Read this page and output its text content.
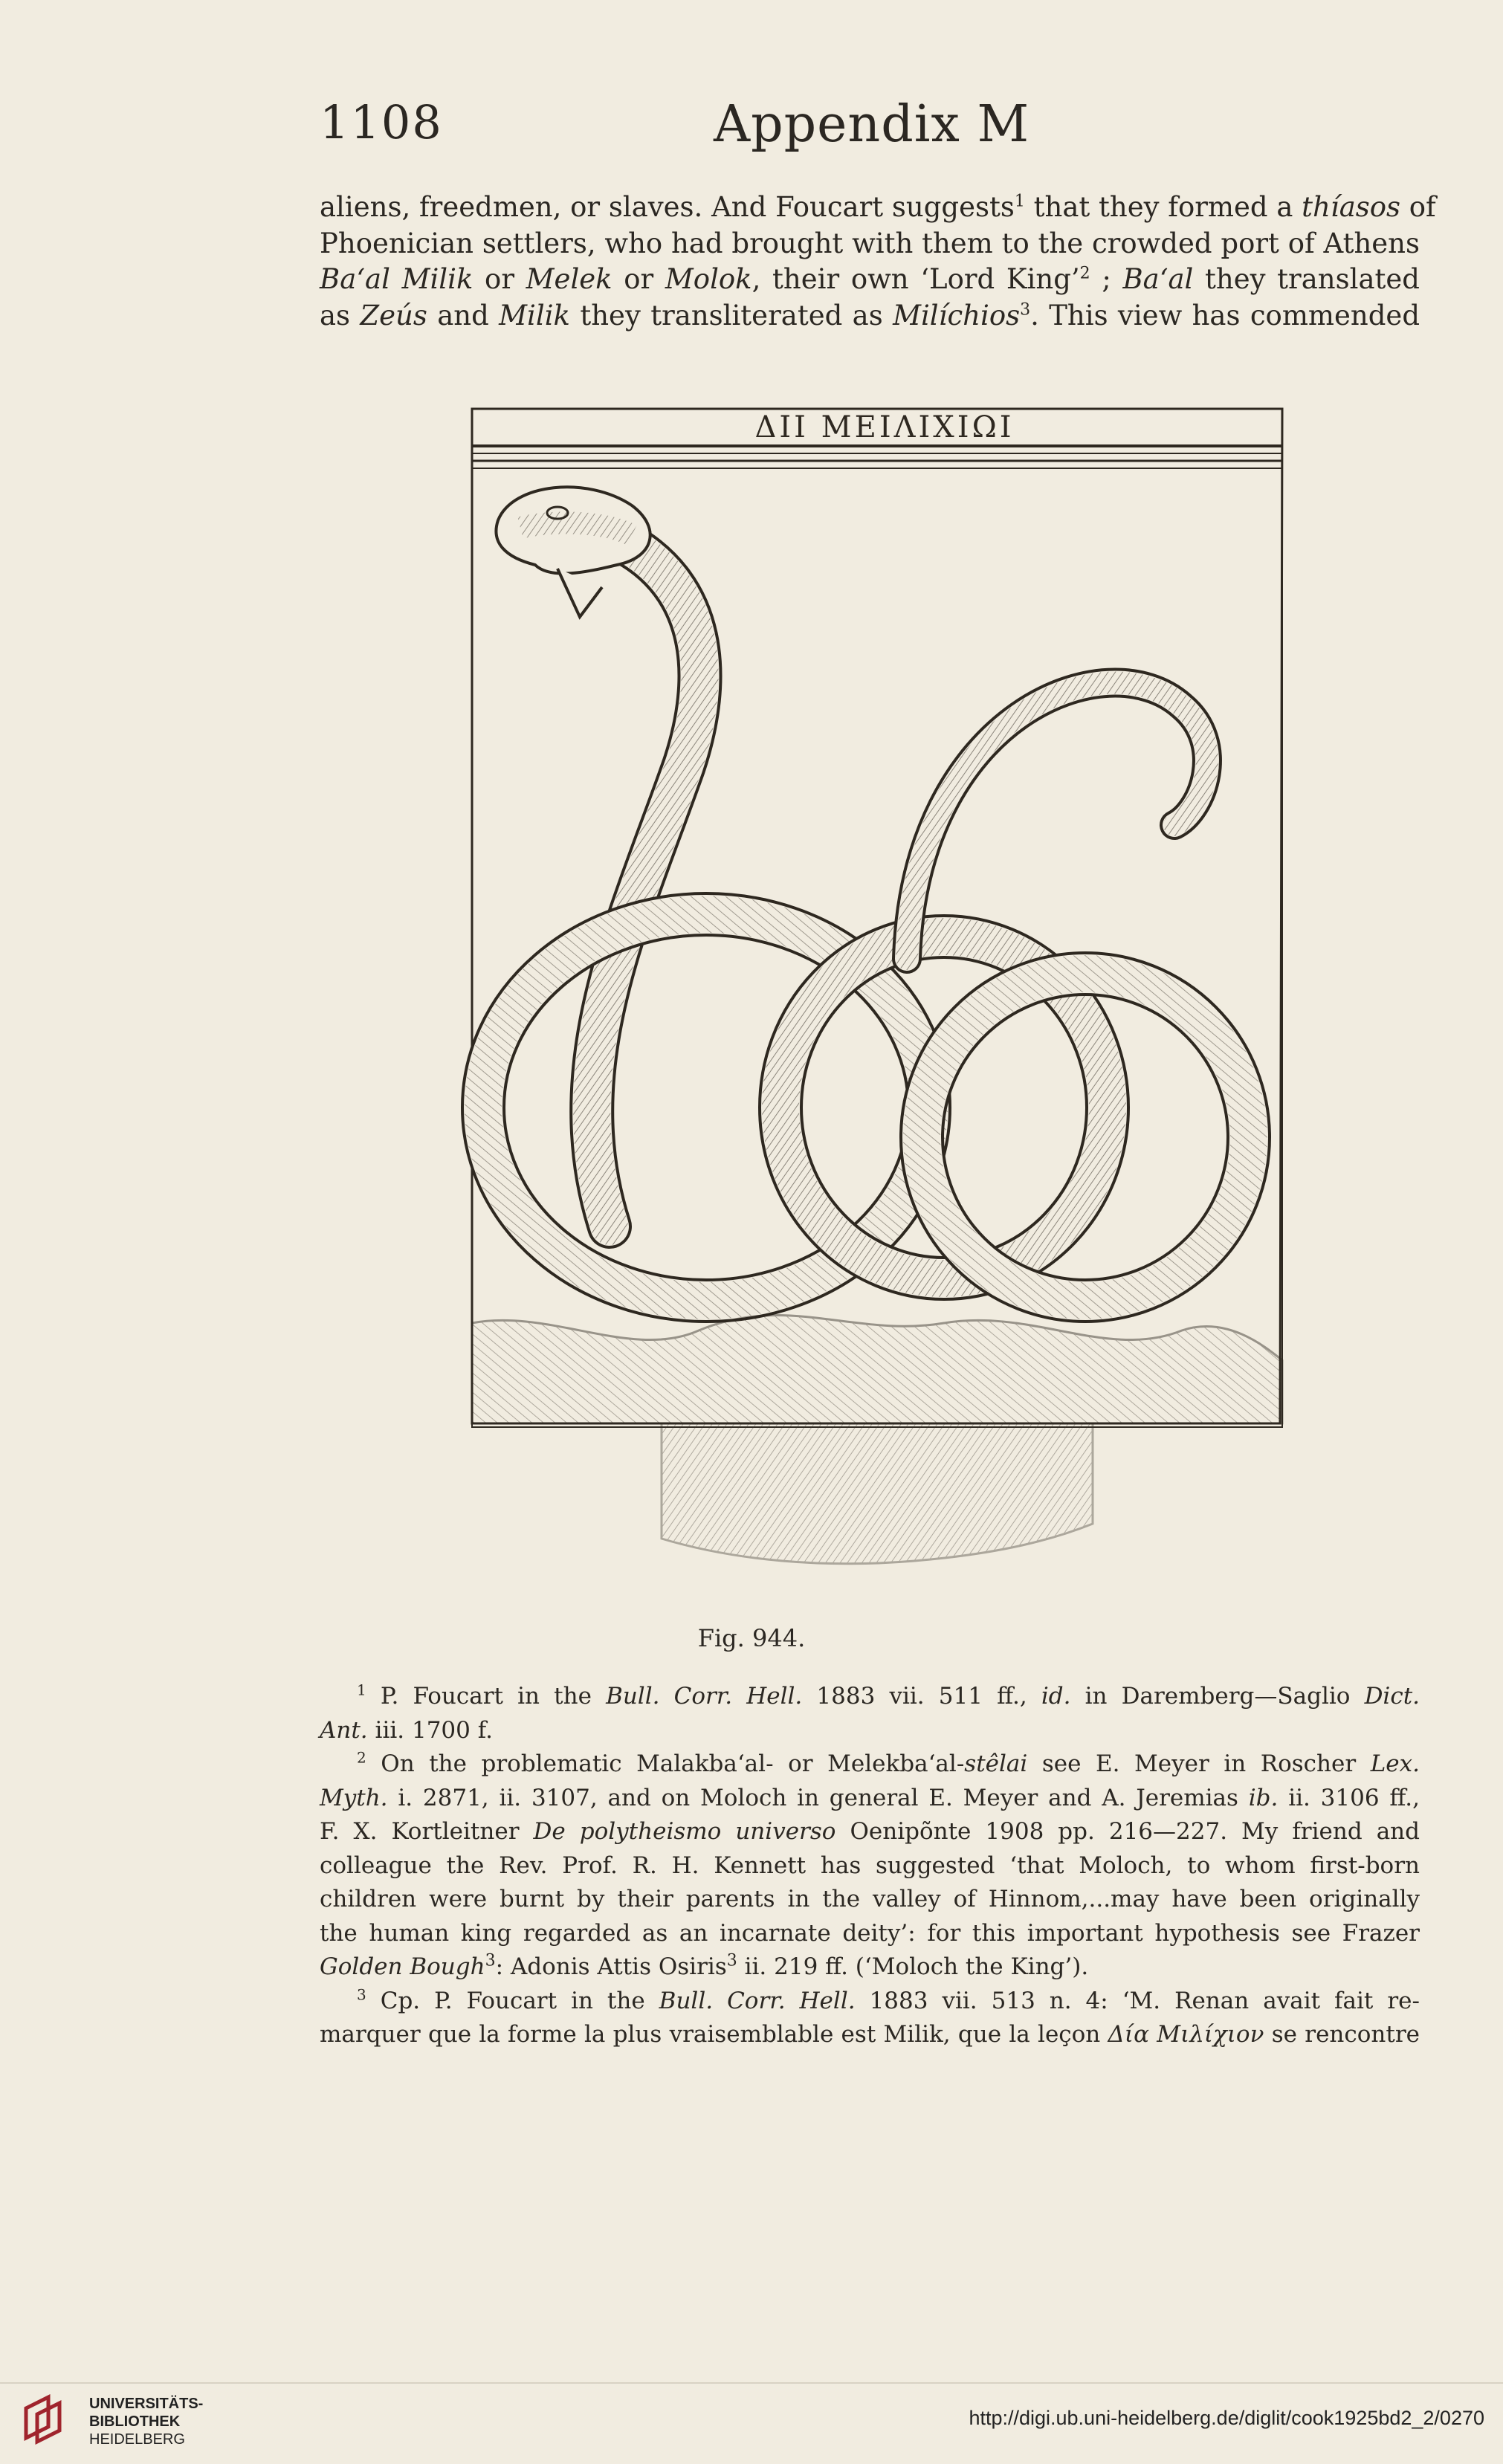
1108	Appendix M
aliens, freedmen, or slaves. And Foucart suggests$^1$ that they formed a thíasos of
Phoenician settlers, who had brought with them to the crowded port of Athens
Ba‘al Milik or Melek or Molok, their own ‘Lord King’$^2$ ; Ba‘al they translated
as Zeús and Milik they transliterated as Milíchios$^3$. This view has commended
ΔΙΙ ΜΕΙΛΙΧΙΩΙ
Fig. 944.
$^1$ P. Foucart in the Bull. Corr. Hell. 1883 vii. 511 ff., id. in Daremberg—Saglio Dict.
Ant. iii. 1700 f.
$^2$ On the problematic Malakba‘al- or Melekba‘al-stêlai see E. Meyer in Roscher Lex.
Myth. i. 2871, ii. 3107, and on Moloch in general E. Meyer and A. Jeremias ib. ii. 3106 ff.,
F. X. Kortleitner De polytheismo universo Oenipõnte 1908 pp. 216—227. My friend and
colleague the Rev. Prof. R. H. Kennett has suggested ‘that Moloch, to whom first-born
children were burnt by their parents in the valley of Hinnom,...may have been originally
the human king regarded as an incarnate deity’: for this important hypothesis see Frazer
Golden Bough$^3$: Adonis Attis Osiris$^3$ ii. 219 ff. (‘Moloch the King’).
$^3$ Cp. P. Foucart in the Bull. Corr. Hell. 1883 vii. 513 n. 4: ‘M. Renan avait fait re-
marquer que la forme la plus vraisemblable est Milik, que la leçon Δία Μιλίχιον se rencontre
UNIVERSITÄTS-
BIBLIOTHEK
HEIDELBERG
http://digi.ub.uni-heidelberg.de/diglit/cook1925bd2_2/0270
